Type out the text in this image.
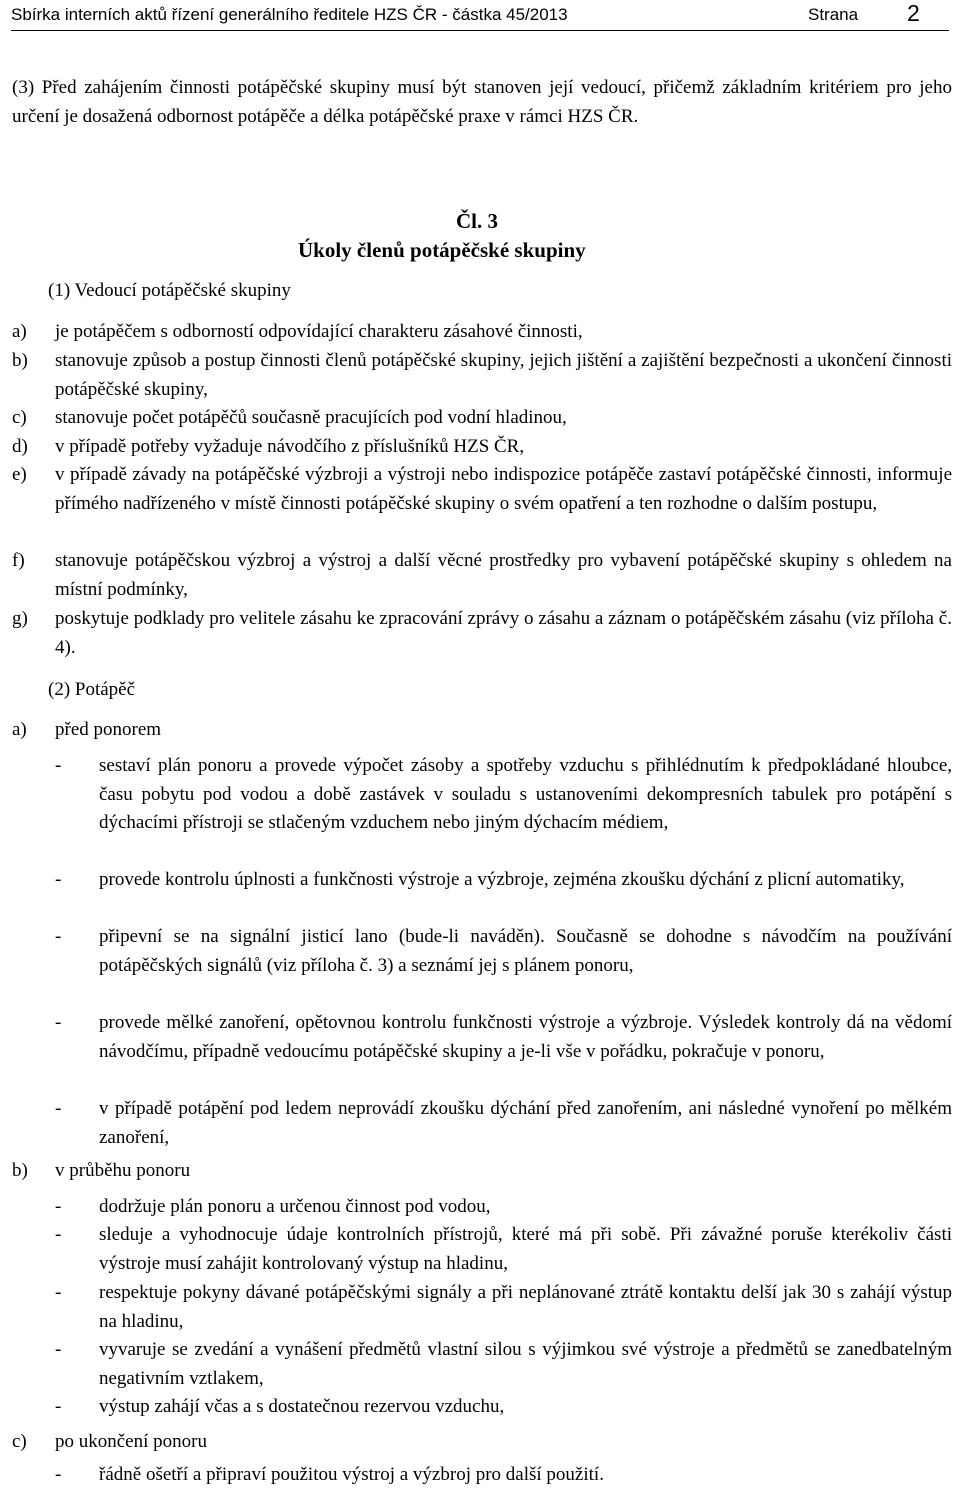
Sbírka interních aktů řízení generálního ředitele HZS ČR - částka 45/2013	Strana 2

(3) Před zahájením činnosti potápěčské skupiny musí být stanoven její vedoucí, přičemž základním kritériem pro jeho určení je dosažená odbornost potápěče a délka potápěčské praxe v rámci HZS ČR.

Čl. 3
Úkoly členů potápěčské skupiny
(1) Vedoucí potápěčské skupiny
a) je potápěčem s odborností odpovídající charakteru zásahové činnosti,

b) stanovuje způsob a postup činnosti členů potápěčské skupiny, jejich jištění a zajištění bezpečnosti a ukončení činnosti potápěčské skupiny,

c) stanovuje počet potápěčů současně pracujících pod vodní hladinou,

d) v případě potřeby vyžaduje návodčího z příslušníků HZS ČR,

e) v případě závady na potápěčské výzbroji a výstroji nebo indispozice potápěče zastaví potápěčské činnosti, informuje přímého nadřízeného v místě činnosti potápěčské skupiny o svém opatření a ten rozhodne o dalším postupu,

f) stanovuje potápěčskou výzbroj a výstroj a další věcné prostředky pro vybavení potápěčské skupiny s ohledem na místní podmínky,

g) poskytuje podklady pro velitele zásahu ke zpracování zprávy o zásahu a záznam o potápěčském zásahu (viz příloha č. 4).

(2) Potápěč
a) před ponorem
- sestaví plán ponoru a provede výpočet zásoby a spotřeby vzduchu s přihlédnutím k předpokládané hloubce, času pobytu pod vodou a době zastávek v souladu s ustanoveními dekompresních tabulek pro potápění s dýchacími přístroji se stlačeným vzduchem nebo jiným dýchacím médiem,

- provede kontrolu úplnosti a funkčnosti výstroje a výzbroje, zejména zkoušku dýchání z plicní automatiky,

- připevní se na signální jisticí lano (bude-li naváděn). Současně se dohodne s návodčím na používání potápěčských signálů (viz příloha č. 3) a seznámí jej s plánem ponoru,

- provede mělké zanoření, opětovnou kontrolu funkčnosti výstroje a výzbroje. Výsledek kontroly dá na vědomí návodčímu, případně vedoucímu potápěčské skupiny a je-li vše v pořádku, pokračuje v ponoru,

- v případě potápění pod ledem neprovádí zkoušku dýchání před zanořením, ani následné vynoření po mělkém zanoření,

b) v průběhu ponoru
- dodržuje plán ponoru a určenou činnost pod vodou,

- sleduje a vyhodnocuje údaje kontrolních přístrojů, které má při sobě. Při závažné poruše kterékoliv části výstroje musí zahájit kontrolovaný výstup na hladinu,

- respektuje pokyny dávané potápěčskými signály a při neplánované ztrátě kontaktu delší jak 30 s zahájí výstup na hladinu,

- vyvaruje se zvedání a vynášení předmětů vlastní silou s výjimkou své výstroje a předmětů se zanedbatelným negativním vztlakem,

- výstup zahájí včas a s dostatečnou rezervou vzduchu,

c) po ukončení ponoru
- řádně ošetří a připraví použitou výstroj a výzbroj pro další použití.
